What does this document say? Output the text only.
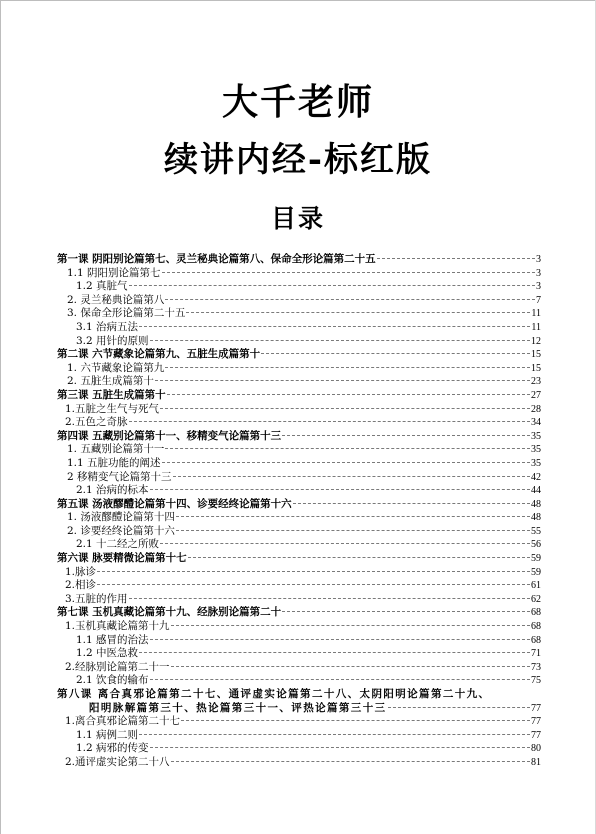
大千老师
续讲内经-标红版
目录
第一课 阴阳别论篇第七、灵兰秘典论篇第八、保命全形论篇第二十五	3
1.1 阴阳别论篇第七	3
1.2 真脏气	3
2. 灵兰秘典论篇第八	7
3. 保命全形论篇第二十五	11
3.1 治病五法	11
3.2 用针的原则	12
第二课 六节藏象论篇第九、五脏生成篇第十	15
1. 六节藏象论篇第九	15
2. 五脏生成篇第十	23
第三课 五脏生成篇第十	27
1.五脏之生气与死气	28
2.五色之奇脉	34
第四课 五藏别论篇第十一、移精变气论篇第十三	35
1. 五藏别论篇第十一	35
1.1 五脏功能的阐述	35
2 移精变气论篇第十三	42
2.1 治病的标本	44
第五课 汤液醪醴论篇第十四、诊要经终论篇第十六	48
1. 汤液醪醴论篇第十四	48
2. 诊要经终论篇第十六	55
2.1 十二经之所败	56
第六课 脉要精微论篇第十七	59
1.脉诊	59
2.相诊	61
3.五脏的作用	62
第七课 玉机真藏论篇第十九、经脉别论篇第二十	68
1.玉机真藏论篇第十九	68
1.1 感冒的治法	68
1.2 中医急救	71
2.经脉别论篇第二十一	73
2.1 饮食的输布	75
第八课 离合真邪论篇第二十七、通评虚实论篇第二十八、太阴阳明论篇第二十九、
阳明脉解篇第三十、热论篇第三十一、评热论篇第三十三	77
1.离合真邪论篇第二十七	77
1.1 病例二则	77
1.2 病邪的传变	80
2.通评虚实论第二十八	81
